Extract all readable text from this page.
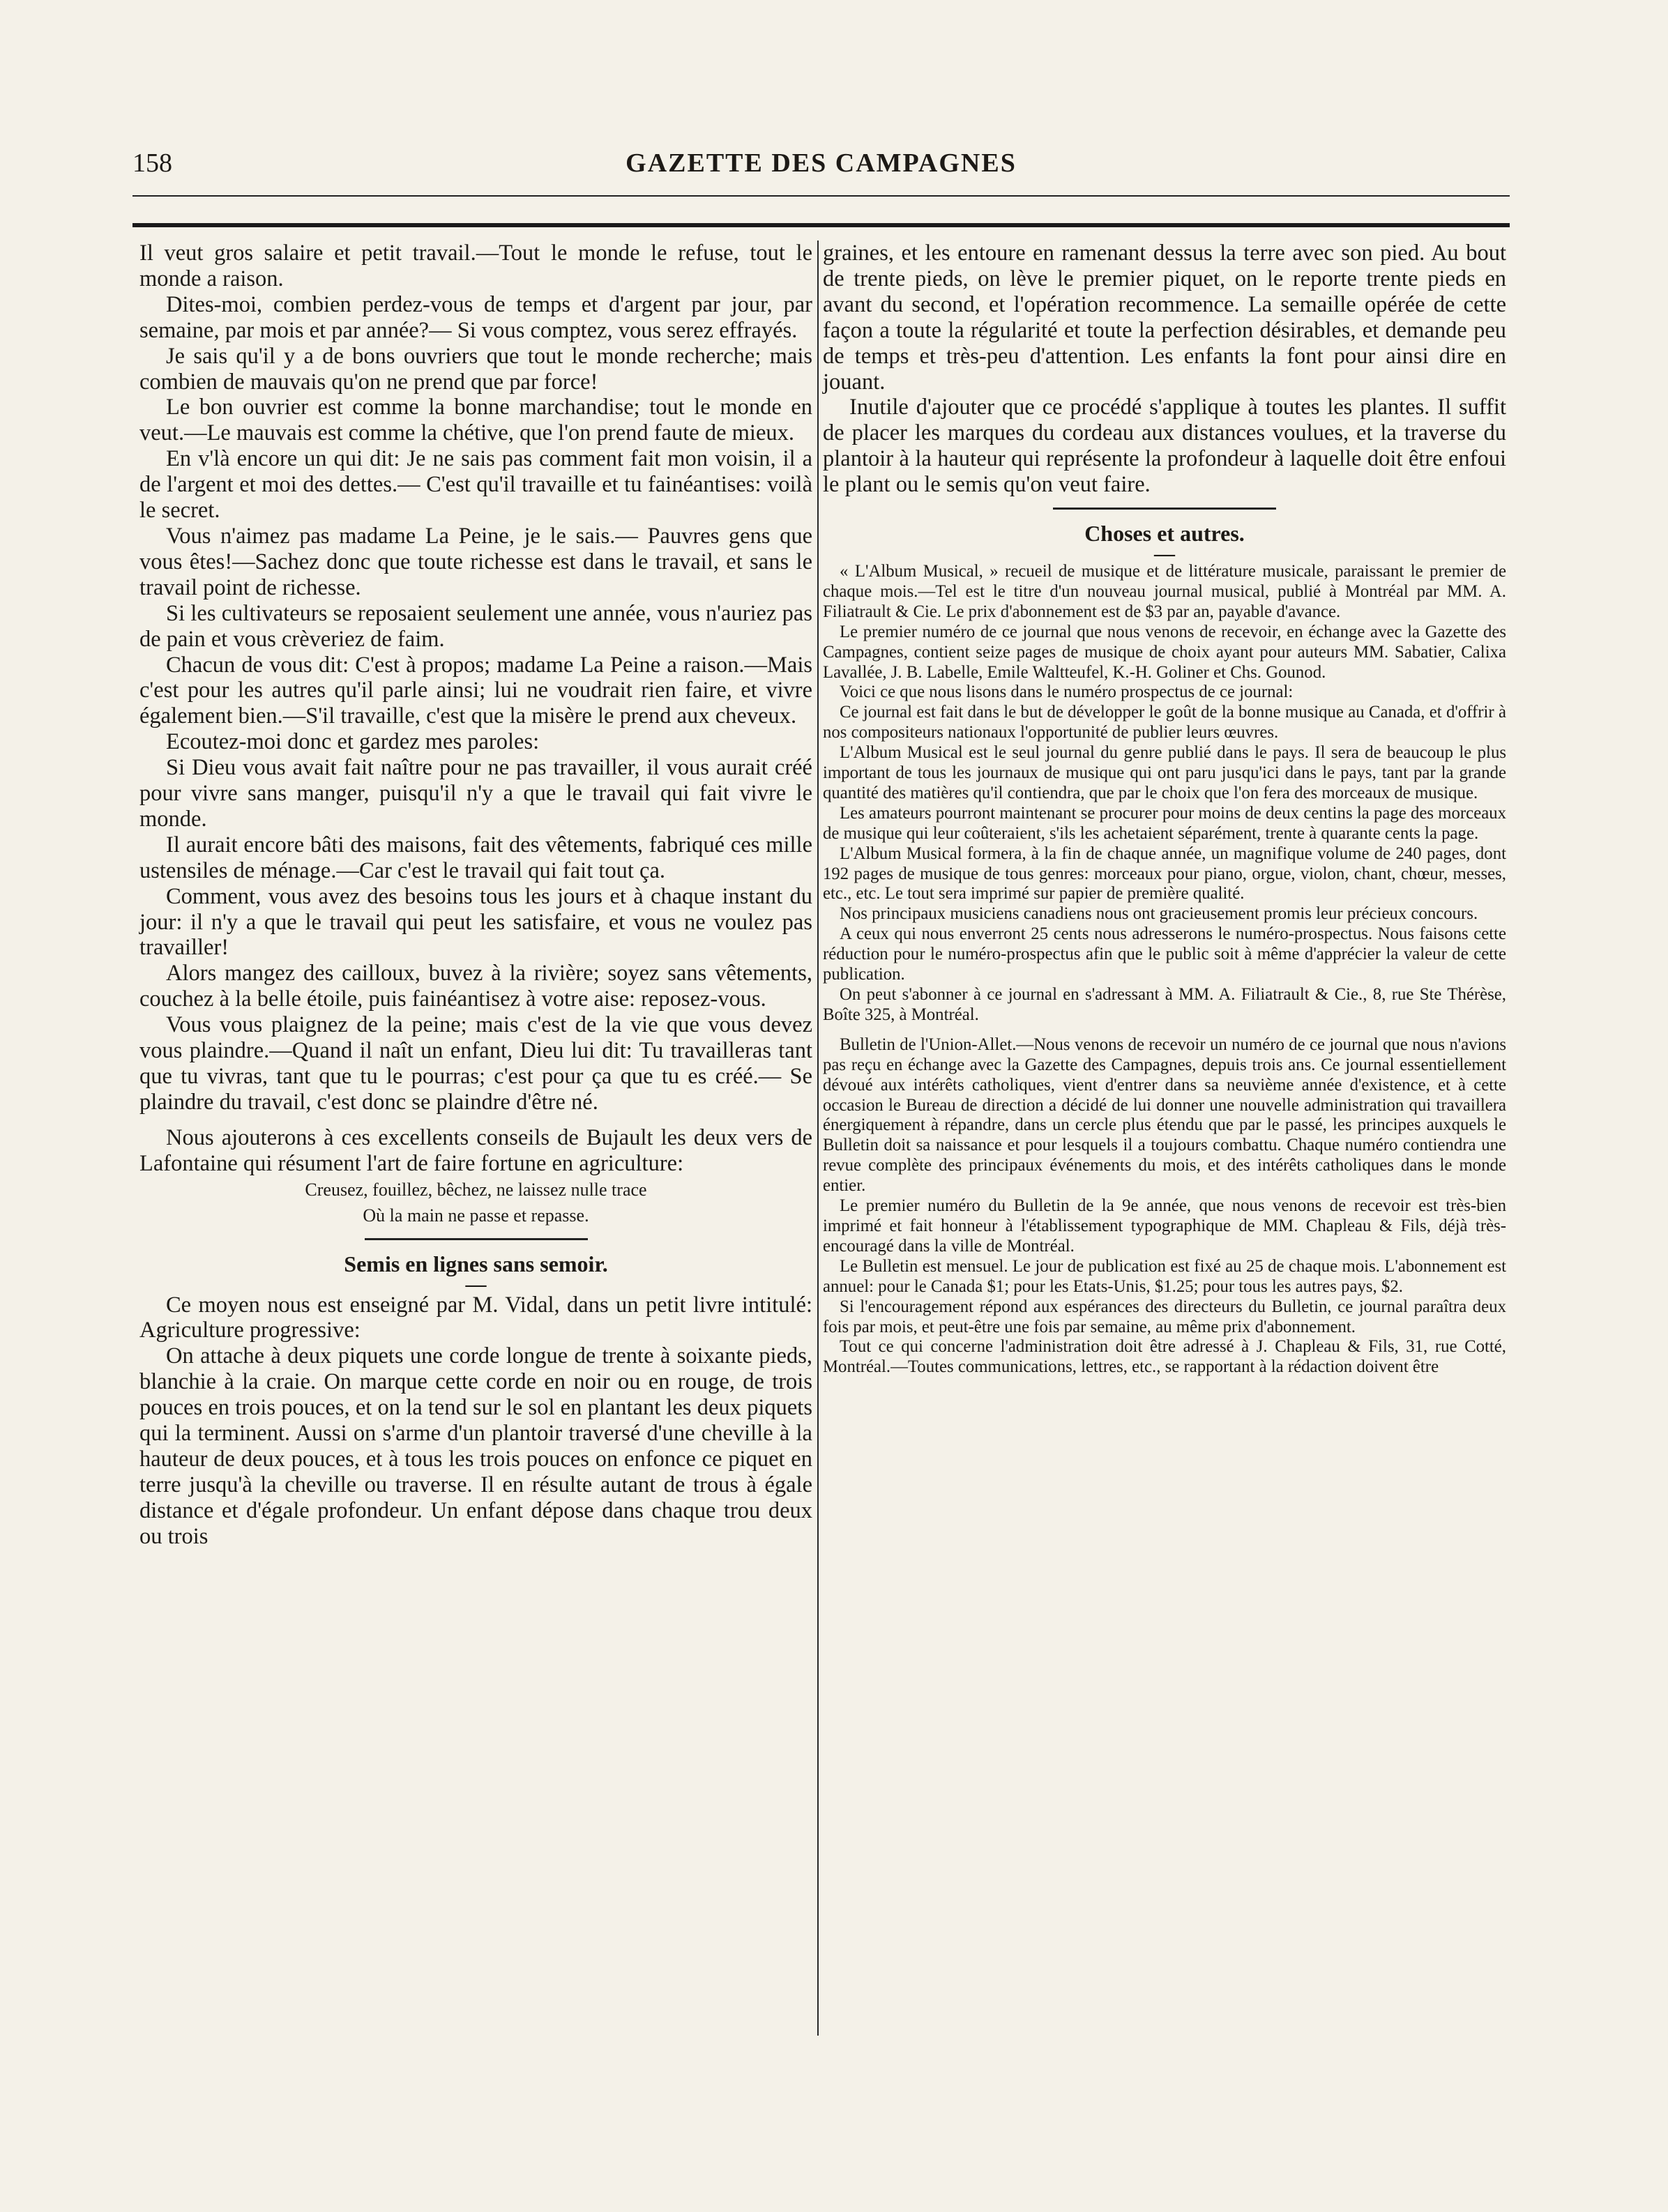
158	GAZETTE DES CAMPAGNES

Il veut gros salaire et petit travail.—Tout le monde le refuse, tout le monde a raison.

Dites-moi, combien perdez-vous de temps et d'argent par jour, par semaine, par mois et par année?— Si vous comptez, vous serez effrayés.

Je sais qu'il y a de bons ouvriers que tout le monde recherche; mais combien de mauvais qu'on ne prend que par force!

Le bon ouvrier est comme la bonne marchandise; tout le monde en veut.—Le mauvais est comme la chétive, que l'on prend faute de mieux.

En v'là encore un qui dit: Je ne sais pas comment fait mon voisin, il a de l'argent et moi des dettes.— C'est qu'il travaille et tu fainéantises: voilà le secret.

Vous n'aimez pas madame La Peine, je le sais.— Pauvres gens que vous êtes!—Sachez donc que toute richesse est dans le travail, et sans le travail point de richesse.

Si les cultivateurs se reposaient seulement une année, vous n'auriez pas de pain et vous crèveriez de faim.

Chacun de vous dit: C'est à propos; madame La Peine a raison.—Mais c'est pour les autres qu'il parle ainsi; lui ne voudrait rien faire, et vivre également bien.—S'il travaille, c'est que la misère le prend aux cheveux.

Ecoutez-moi donc et gardez mes paroles:

Si Dieu vous avait fait naître pour ne pas travailler, il vous aurait créé pour vivre sans manger, puisqu'il n'y a que le travail qui fait vivre le monde.

Il aurait encore bâti des maisons, fait des vêtements, fabriqué ces mille ustensiles de ménage.—Car c'est le travail qui fait tout ça.

Comment, vous avez des besoins tous les jours et à chaque instant du jour: il n'y a que le travail qui peut les satisfaire, et vous ne voulez pas travailler!

Alors mangez des cailloux, buvez à la rivière; soyez sans vêtements, couchez à la belle étoile, puis fainéantisez à votre aise: reposez-vous.

Vous vous plaignez de la peine; mais c'est de la vie que vous devez vous plaindre.—Quand il naît un enfant, Dieu lui dit: Tu travailleras tant que tu vivras, tant que tu le pourras; c'est pour ça que tu es créé.— Se plaindre du travail, c'est donc se plaindre d'être né.

Nous ajouterons à ces excellents conseils de Bujault les deux vers de Lafontaine qui résument l'art de faire fortune en agriculture:

Creusez, fouillez, bêchez, ne laissez nulle trace

Où la main ne passe et repasse.

Semis en lignes sans semoir.

—

Ce moyen nous est enseigné par M. Vidal, dans un petit livre intitulé: Agriculture progressive:

On attache à deux piquets une corde longue de trente à soixante pieds, blanchie à la craie. On marque cette corde en noir ou en rouge, de trois pouces en trois pouces, et on la tend sur le sol en plantant les deux piquets qui la terminent. Aussi on s'arme d'un plantoir traversé d'une cheville à la hauteur de deux pouces, et à tous les trois pouces on enfonce ce piquet en terre jusqu'à la cheville ou traverse. Il en résulte autant de trous à égale distance et d'égale profondeur. Un enfant dépose dans chaque trou deux ou trois

graines, et les entoure en ramenant dessus la terre avec son pied. Au bout de trente pieds, on lève le premier piquet, on le reporte trente pieds en avant du second, et l'opération recommence. La semaille opérée de cette façon a toute la régularité et toute la perfection désirables, et demande peu de temps et très-peu d'attention. Les enfants la font pour ainsi dire en jouant.

Inutile d'ajouter que ce procédé s'applique à toutes les plantes. Il suffit de placer les marques du cordeau aux distances voulues, et la traverse du plantoir à la hauteur qui représente la profondeur à laquelle doit être enfoui le plant ou le semis qu'on veut faire.

Choses et autres.

—

« L'Album Musical, » recueil de musique et de littérature musicale, paraissant le premier de chaque mois.—Tel est le titre d'un nouveau journal musical, publié à Montréal par MM. A. Filiatrault & Cie. Le prix d'abonnement est de $3 par an, payable d'avance.

Le premier numéro de ce journal que nous venons de recevoir, en échange avec la Gazette des Campagnes, contient seize pages de musique de choix ayant pour auteurs MM. Sabatier, Calixa Lavallée, J. B. Labelle, Emile Waltteufel, K.-H. Goliner et Chs. Gounod.

Voici ce que nous lisons dans le numéro prospectus de ce journal:

Ce journal est fait dans le but de développer le goût de la bonne musique au Canada, et d'offrir à nos compositeurs nationaux l'opportunité de publier leurs œuvres.

L'Album Musical est le seul journal du genre publié dans le pays. Il sera de beaucoup le plus important de tous les journaux de musique qui ont paru jusqu'ici dans le pays, tant par la grande quantité des matières qu'il contiendra, que par le choix que l'on fera des morceaux de musique.

Les amateurs pourront maintenant se procurer pour moins de deux centins la page des morceaux de musique qui leur coûteraient, s'ils les achetaient séparément, trente à quarante cents la page.

L'Album Musical formera, à la fin de chaque année, un magnifique volume de 240 pages, dont 192 pages de musique de tous genres: morceaux pour piano, orgue, violon, chant, chœur, messes, etc., etc. Le tout sera imprimé sur papier de première qualité.

Nos principaux musiciens canadiens nous ont gracieusement promis leur précieux concours.

A ceux qui nous enverront 25 cents nous adresserons le numéro-prospectus. Nous faisons cette réduction pour le numéro-prospectus afin que le public soit à même d'apprécier la valeur de cette publication.

On peut s'abonner à ce journal en s'adressant à MM. A. Filiatrault & Cie., 8, rue Ste Thérèse, Boîte 325, à Montréal.

Bulletin de l'Union-Allet.—Nous venons de recevoir un numéro de ce journal que nous n'avions pas reçu en échange avec la Gazette des Campagnes, depuis trois ans. Ce journal essentiellement dévoué aux intérêts catholiques, vient d'entrer dans sa neuvième année d'existence, et à cette occasion le Bureau de direction a décidé de lui donner une nouvelle administration qui travaillera énergiquement à répandre, dans un cercle plus étendu que par le passé, les principes auxquels le Bulletin doit sa naissance et pour lesquels il a toujours combattu. Chaque numéro contiendra une revue complète des principaux événements du mois, et des intérêts catholiques dans le monde entier.

Le premier numéro du Bulletin de la 9e année, que nous venons de recevoir est très-bien imprimé et fait honneur à l'établissement typographique de MM. Chapleau & Fils, déjà très-encouragé dans la ville de Montréal.

Le Bulletin est mensuel. Le jour de publication est fixé au 25 de chaque mois. L'abonnement est annuel: pour le Canada $1; pour les Etats-Unis, $1.25; pour tous les autres pays, $2.

Si l'encouragement répond aux espérances des directeurs du Bulletin, ce journal paraîtra deux fois par mois, et peut-être une fois par semaine, au même prix d'abonnement.

Tout ce qui concerne l'administration doit être adressé à J. Chapleau & Fils, 31, rue Cotté, Montréal.—Toutes communications, lettres, etc., se rapportant à la rédaction doivent être
